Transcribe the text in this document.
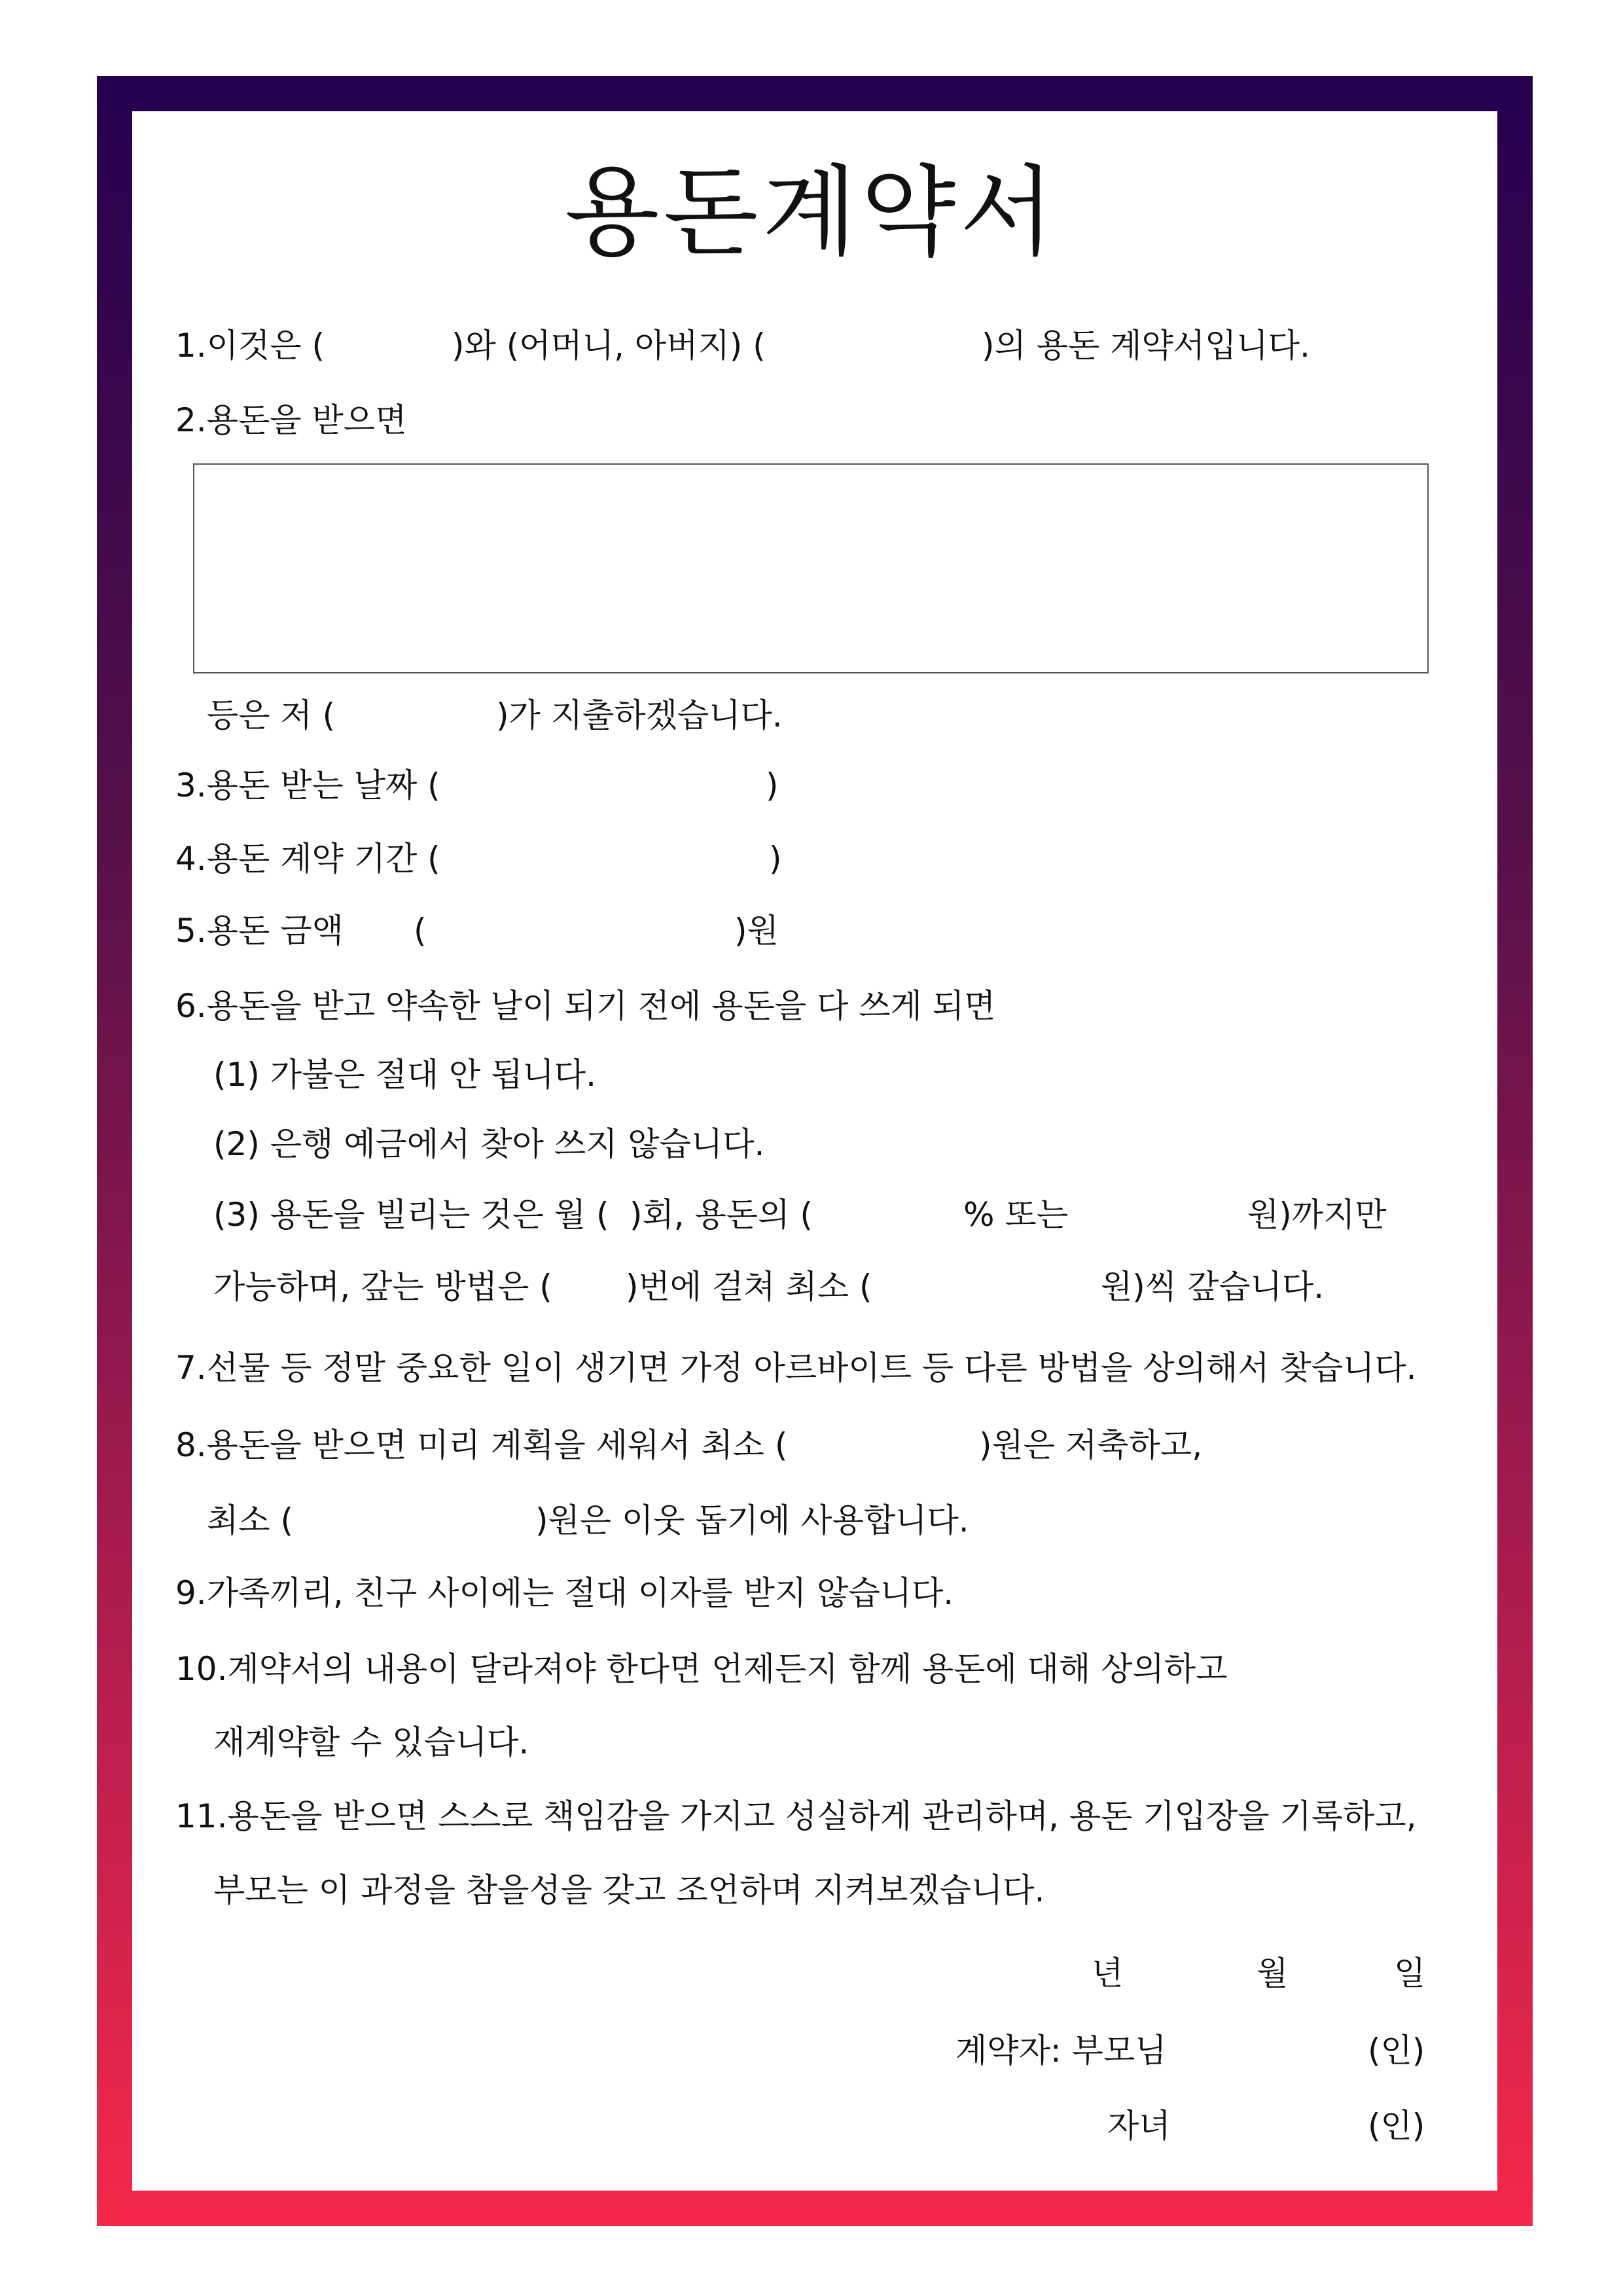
용돈계약서
1.이것은 (	)와 (어머니, 아버지) (	)의 용돈 계약서입니다.
2.용돈을 받으면
등은 저 (	)가 지출하겠습니다.
3.용돈 받는 날짜 (	)
4.용돈 계약 기간 (	)
5.용돈 금액 (	)원
6.용돈을 받고 약속한 날이 되기 전에 용돈을 다 쓰게 되면
(1) 가불은 절대 안 됩니다.
(2) 은행 예금에서 찾아 쓰지 않습니다.
(3) 용돈을 빌리는 것은 월 ( )회, 용돈의 (	% 또는	원)까지만
가능하며, 갚는 방법은 ( )번에 걸쳐 최소 (	원)씩 갚습니다.
7.선물 등 정말 중요한 일이 생기면 가정 아르바이트 등 다른 방법을 상의해서 찾습니다.
8.용돈을 받으면 미리 계획을 세워서 최소 (	)원은 저축하고,
최소 (	)원은 이웃 돕기에 사용합니다.
9.가족끼리, 친구 사이에는 절대 이자를 받지 않습니다.
10.계약서의 내용이 달라져야 한다면 언제든지 함께 용돈에 대해 상의하고
재계약할 수 있습니다.
11.용돈을 받으면 스스로 책임감을 가지고 성실하게 관리하며, 용돈 기입장을 기록하고,
부모는 이 과정을 참을성을 갖고 조언하며 지켜보겠습니다.
년	월	일
계약자: 부모님	(인)
자녀	(인)
